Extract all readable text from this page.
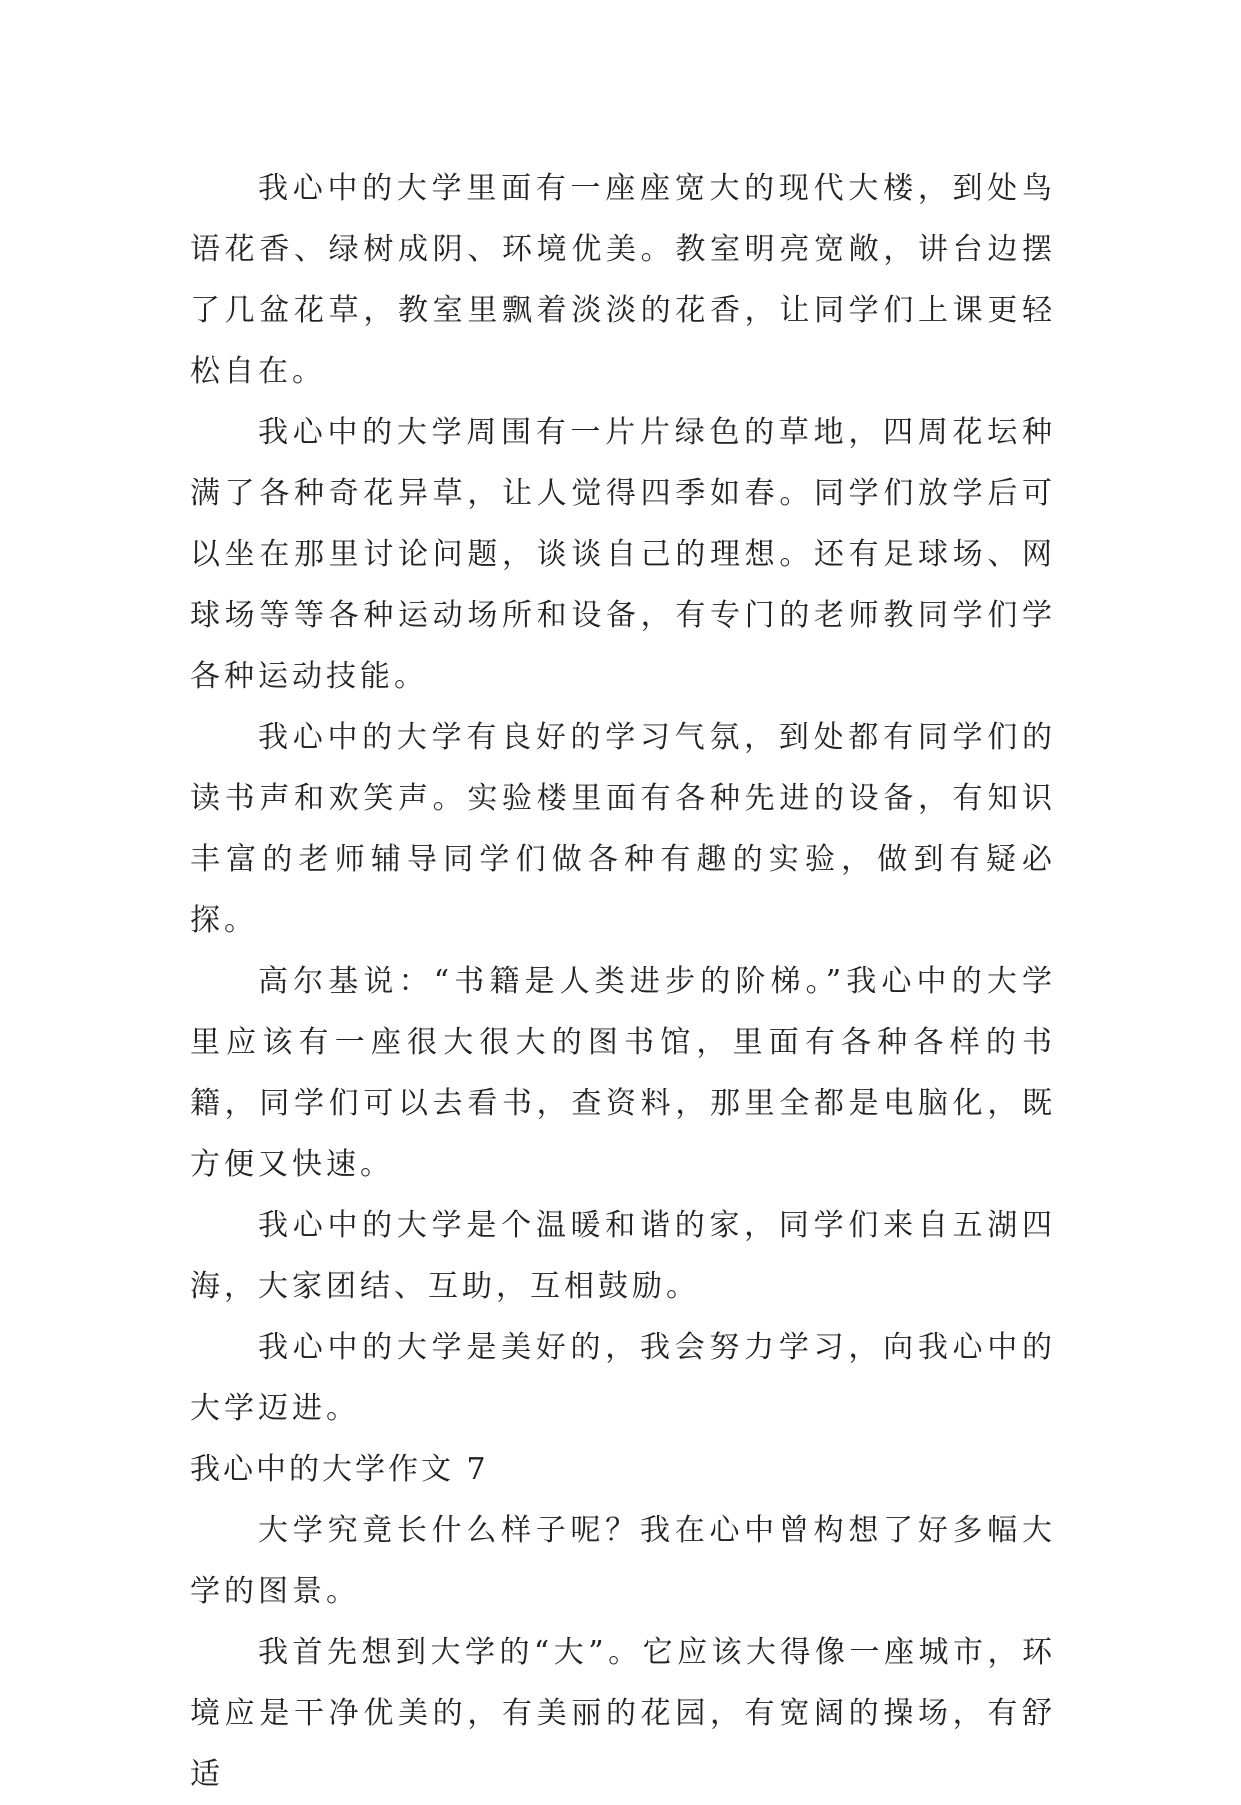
我心中的大学里面有一座座宽大的现代大楼，到处鸟语花香、绿树成阴、环境优美。教室明亮宽敞，讲台边摆了几盆花草，教室里飘着淡淡的花香，让同学们上课更轻松自在。

我心中的大学周围有一片片绿色的草地，四周花坛种满了各种奇花异草，让人觉得四季如春。同学们放学后可以坐在那里讨论问题，谈谈自己的理想。还有足球场、网球场等等各种运动场所和设备，有专门的老师教同学们学各种运动技能。

我心中的大学有良好的学习气氛，到处都有同学们的读书声和欢笑声。实验楼里面有各种先进的设备，有知识丰富的老师辅导同学们做各种有趣的实验，做到有疑必探。

高尔基说：“书籍是人类进步的阶梯。”我心中的大学里应该有一座很大很大的图书馆，里面有各种各样的书籍，同学们可以去看书，查资料，那里全都是电脑化，既方便又快速。

我心中的大学是个温暖和谐的家，同学们来自五湖四海，大家团结、互助，互相鼓励。

我心中的大学是美好的，我会努力学习，向我心中的大学迈进。

我心中的大学作文 7

大学究竟长什么样子呢？我在心中曾构想了好多幅大学的图景。

我首先想到大学的“大”。它应该大得像一座城市，环境应是干净优美的，有美丽的花园，有宽阔的操场，有舒适
